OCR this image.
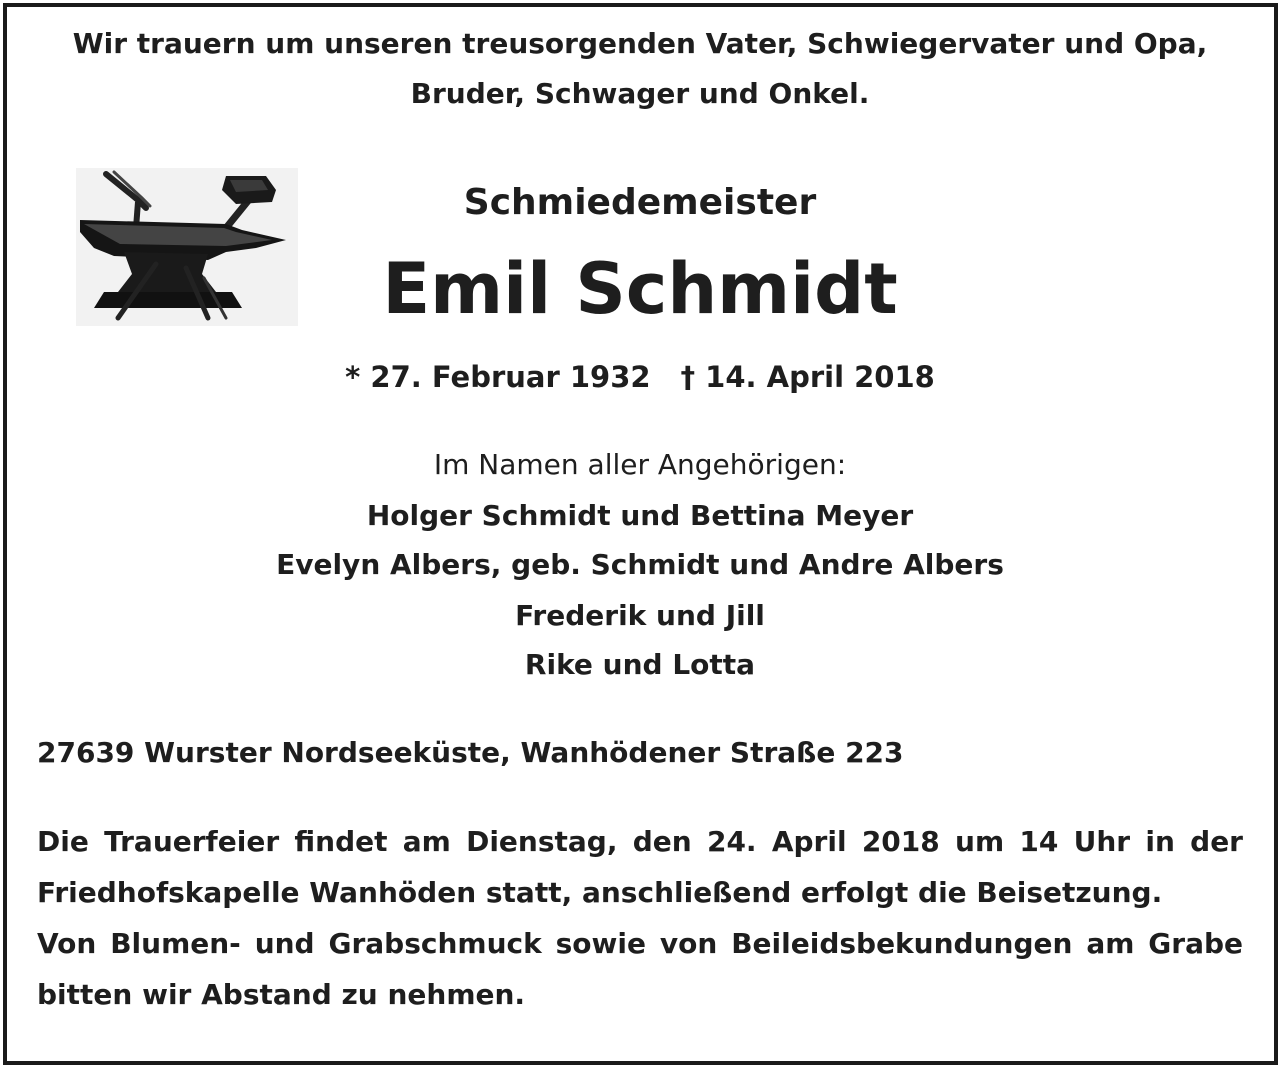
Wir trauern um unseren treusorgenden Vater, Schwiegervater und Opa,
Bruder, Schwager und Onkel.
Schmiedemeister
Emil Schmidt
* 27. Februar 1932 † 14. April 2018
Im Namen aller Angehörigen:
Holger Schmidt und Bettina Meyer
Evelyn Albers, geb. Schmidt und Andre Albers
Frederik und Jill
Rike und Lotta
27639 Wurster Nordseeküste, Wanhödener Straße 223
Die Trauerfeier findet am Dienstag, den 24. April 2018 um 14 Uhr in der
Friedhofskapelle Wanhöden statt, anschließend erfolgt die Beisetzung.
Von Blumen- und Grabschmuck sowie von Beileidsbekundungen am Grabe
bitten wir Abstand zu nehmen.
